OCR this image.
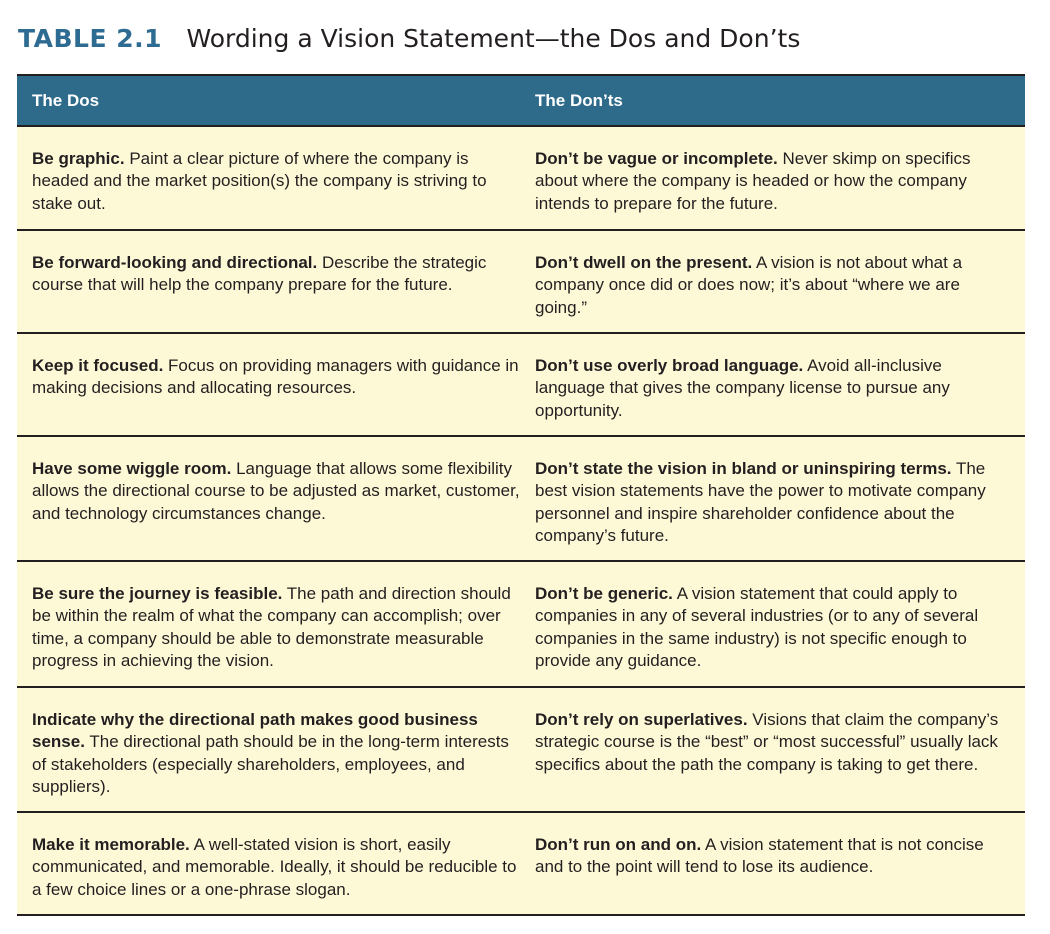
TABLE 2.1 Wording a Vision Statement—the Dos and Don’ts
The Dos	The Don’ts
Be graphic. Paint a clear picture of where the company is headed and the market position(s) the company is striving to stake out.
Don’t be vague or incomplete. Never skimp on specifics about where the company is headed or how the company intends to prepare for the future.
Be forward-looking and directional. Describe the strategic course that will help the company prepare for the future.
Don’t dwell on the present. A vision is not about what a company once did or does now; it’s about “where we are going.”
Keep it focused. Focus on providing managers with guidance in making decisions and allocating resources.
Don’t use overly broad language. Avoid all-inclusive language that gives the company license to pursue any opportunity.
Have some wiggle room. Language that allows some flexibility allows the directional course to be adjusted as market, customer, and technology circumstances change.
Don’t state the vision in bland or uninspiring terms. The best vision statements have the power to motivate company personnel and inspire shareholder confidence about the company’s future.
Be sure the journey is feasible. The path and direction should be within the realm of what the company can accomplish; over time, a company should be able to demonstrate measurable progress in achieving the vision.
Don’t be generic. A vision statement that could apply to companies in any of several industries (or to any of several companies in the same industry) is not specific enough to provide any guidance.
Indicate why the directional path makes good business sense. The directional path should be in the long-term interests of stakeholders (especially shareholders, employees, and suppliers).
Don’t rely on superlatives. Visions that claim the company’s strategic course is the “best” or “most successful” usually lack specifics about the path the company is taking to get there.
Make it memorable. A well-stated vision is short, easily communicated, and memorable. Ideally, it should be reducible to a few choice lines or a one-phrase slogan.
Don’t run on and on. A vision statement that is not concise and to the point will tend to lose its audience.
